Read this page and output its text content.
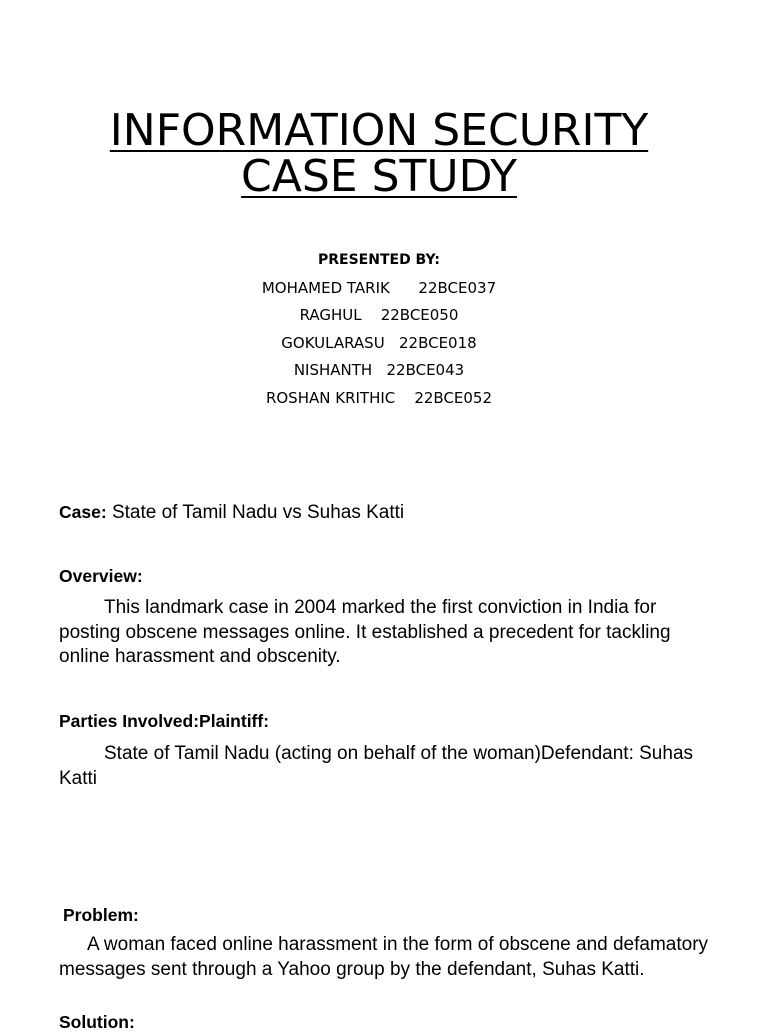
INFORMATION SECURITY
CASE STUDY
PRESENTED BY:
MOHAMED TARIK      22BCE037
RAGHUL    22BCE050
GOKULARASU   22BCE018
NISHANTH   22BCE043
ROSHAN KRITHIC    22BCE052
Case: State of Tamil Nadu vs Suhas Katti
Overview:
This landmark case in 2004 marked the first conviction in India for posting obscene messages online. It established a precedent for tackling online harassment and obscenity.
Parties Involved:Plaintiff:
State of Tamil Nadu (acting on behalf of the woman)Defendant: Suhas Katti
Problem:
A woman faced online harassment in the form of obscene and defamatory messages sent through a Yahoo group by the defendant, Suhas Katti.
Solution:
